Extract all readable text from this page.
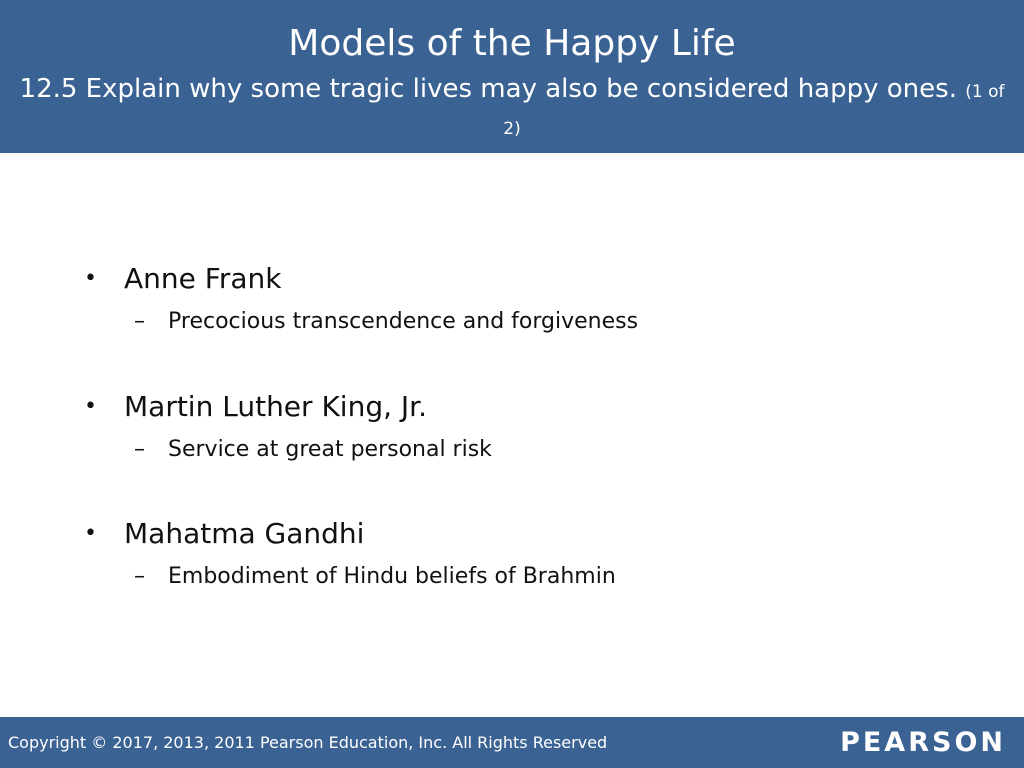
Models of the Happy Life
12.5 Explain why some tragic lives may also be considered happy ones. (1 of 2)
• Anne Frank
– Precocious transcendence and forgiveness
• Martin Luther King, Jr.
– Service at great personal risk
• Mahatma Gandhi
– Embodiment of Hindu beliefs of Brahmin
Copyright © 2017, 2013, 2011 Pearson Education, Inc. All Rights Reserved	PEARSON
